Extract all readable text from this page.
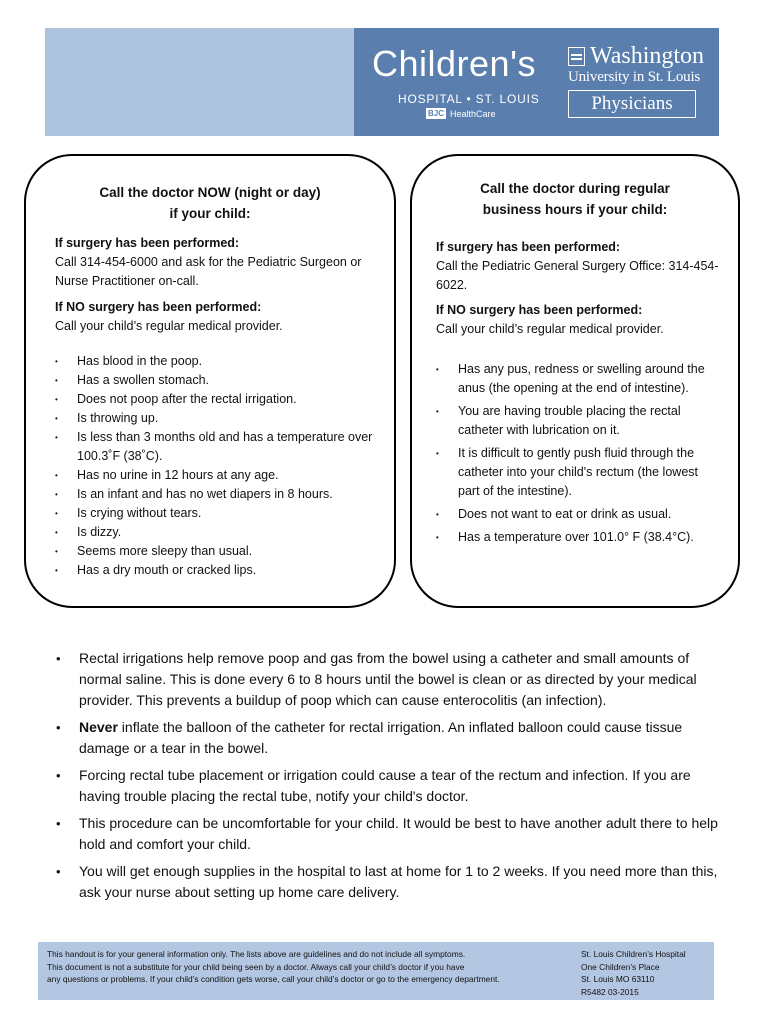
Children's
HOSPITAL • ST. LOUIS
BJC HealthCare
Washington
University in St. Louis
Physicians
Call the doctor NOW (night or day)
if your child:
If surgery has been performed:
Call 314-454-6000 and ask for the Pediatric Surgeon or Nurse Practitioner on-call.
If NO surgery has been performed:
Call your child’s regular medical provider.
• Has blood in the poop.
• Has a swollen stomach.
• Does not poop after the rectal irrigation.
• Is throwing up.
• Is less than 3 months old and has a temperature over 100.3˚F (38˚C).
• Has no urine in 12 hours at any age.
• Is an infant and has no wet diapers in 8 hours.
• Is crying without tears.
• Is dizzy.
• Seems more sleepy than usual.
• Has a dry mouth or cracked lips.
Call the doctor during regular
business hours if your child:
If surgery has been performed:
Call the Pediatric General Surgery Office: 314-454-6022.
If NO surgery has been performed:
Call your child’s regular medical provider.
• Has any pus, redness or swelling around the anus (the opening at the end of intestine).
• You are having trouble placing the rectal catheter with lubrication on it.
• It is difficult to gently push fluid through the catheter into your child's rectum (the lowest part of the intestine).
• Does not want to eat or drink as usual.
• Has a temperature over 101.0° F (38.4°C).
• Rectal irrigations help remove poop and gas from the bowel using a catheter and small amounts of normal saline. This is done every 6 to 8 hours until the bowel is clean or as directed by your medical provider. This prevents a buildup of poop which can cause enterocolitis (an infection).
• Never inflate the balloon of the catheter for rectal irrigation. An inflated balloon could cause tissue damage or a tear in the bowel.
• Forcing rectal tube placement or irrigation could cause a tear of the rectum and infection. If you are having trouble placing the rectal tube, notify your child's doctor.
• This procedure can be uncomfortable for your child. It would be best to have another adult there to help hold and comfort your child.
• You will get enough supplies in the hospital to last at home for 1 to 2 weeks. If you need more than this, ask your nurse about setting up home care delivery.
This handout is for your general information only. The lists above are guidelines and do not include all symptoms.
This document is not a substitute for your child being seen by a doctor. Always call your child’s doctor if you have
any questions or problems. If your child’s condition gets worse, call your child’s doctor or go to the emergency department.
St. Louis Children’s Hospital
One Children’s Place
St. Louis MO 63110
R5482 03-2015
